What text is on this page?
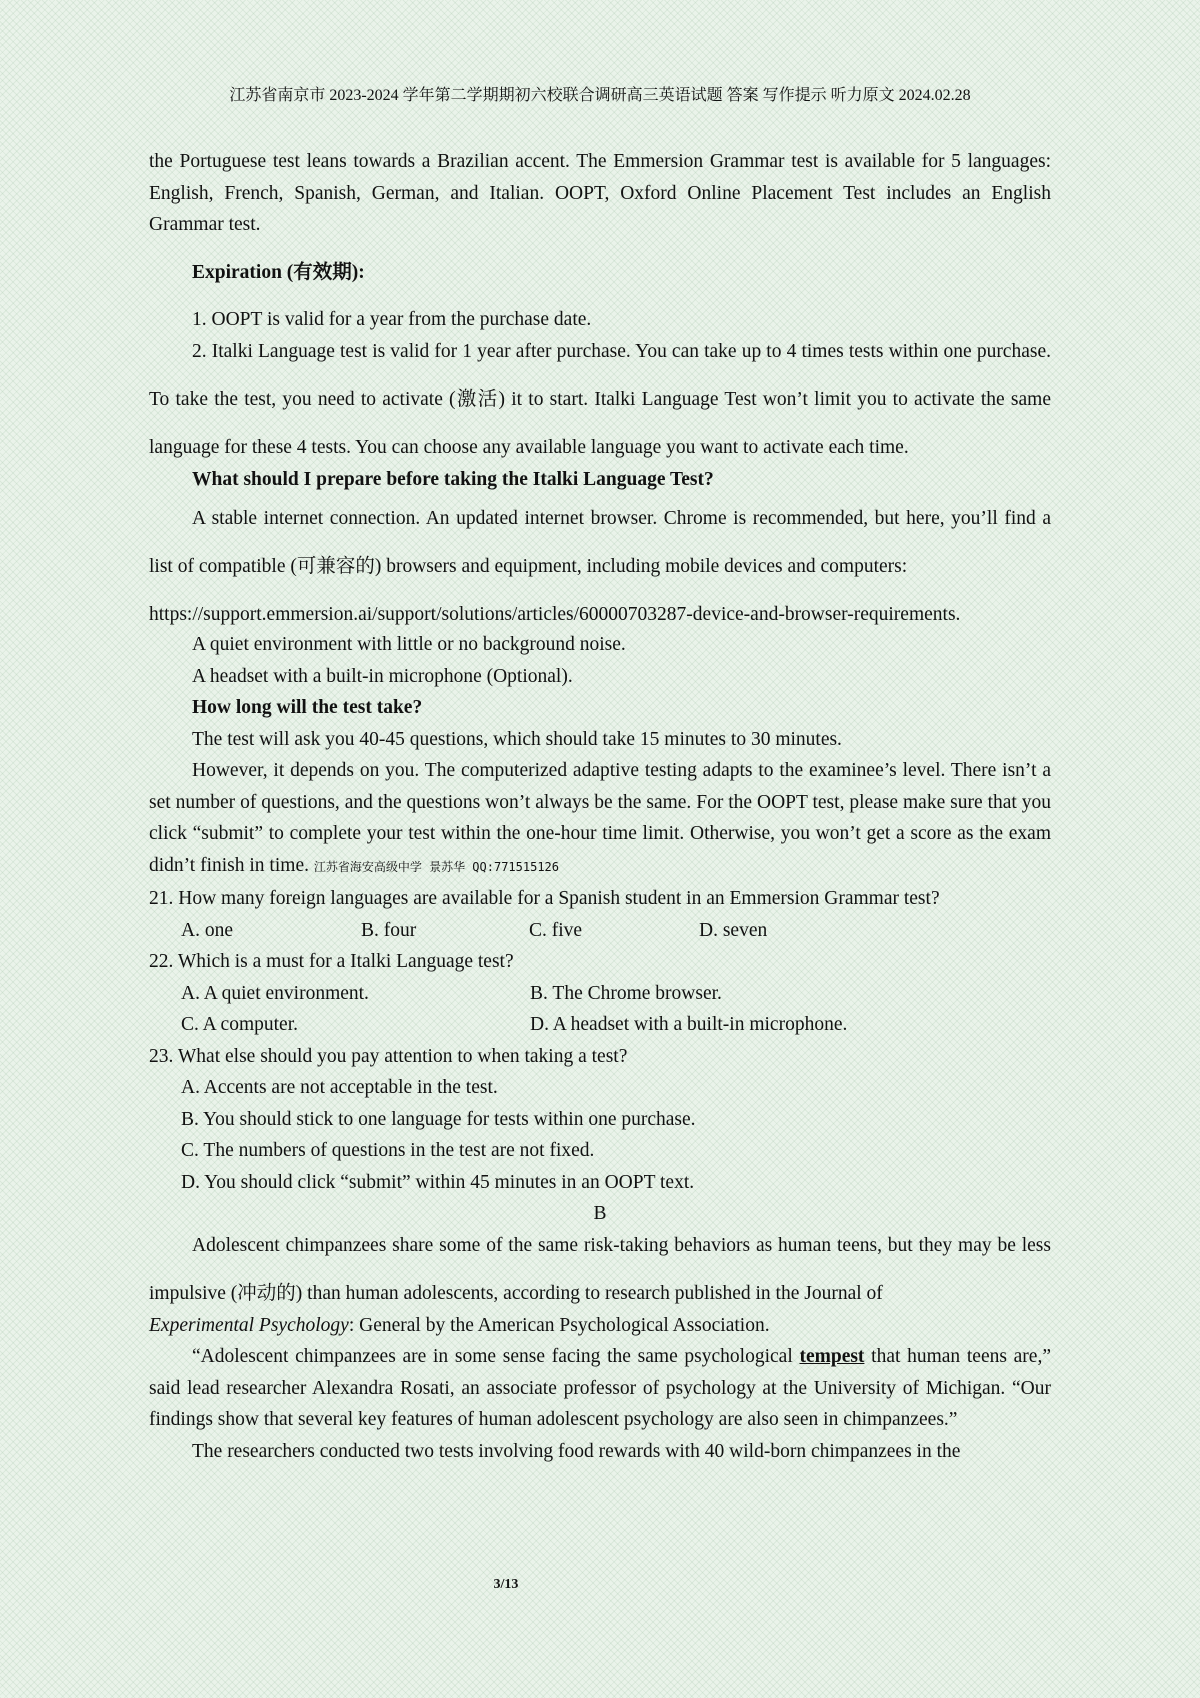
江苏省南京市 2023-2024 学年第二学期期初六校联合调研高三英语试题 答案 写作提示 听力原文 2024.02.28

the Portuguese test leans towards a Brazilian accent. The Emmersion Grammar test is available for 5 languages: English, French, Spanish, German, and Italian. OOPT, Oxford Online Placement Test includes an English Grammar test.

Expiration (有效期):

1. OOPT is valid for a year from the purchase date.

2. Italki Language test is valid for 1 year after purchase. You can take up to 4 times tests within one purchase. To take the test, you need to activate (激活) it to start. Italki Language Test won’t limit you to activate the same language for these 4 tests. You can choose any available language you want to activate each time.

What should I prepare before taking the Italki Language Test?

A stable internet connection. An updated internet browser. Chrome is recommended, but here, you’ll find a list of compatible (可兼容的) browsers and equipment, including mobile devices and computers:

https://support.emmersion.ai/support/solutions/articles/60000703287-device-and-browser-requirements.

A quiet environment with little or no background noise.

A headset with a built-in microphone (Optional).

How long will the test take?

The test will ask you 40-45 questions, which should take 15 minutes to 30 minutes.

However, it depends on you. The computerized adaptive testing adapts to the examinee’s level. There isn’t a set number of questions, and the questions won’t always be the same. For the OOPT test, please make sure that you click “submit” to complete your test within the one-hour time limit. Otherwise, you won’t get a score as the exam didn’t finish in time. 江苏省海安高级中学 景苏华 QQ:771515126

21. How many foreign languages are available for a Spanish student in an Emmersion Grammar test?

A. one	B. four	C. five	D. seven

22. Which is a must for a Italki Language test?

A. A quiet environment.	B. The Chrome browser.
C. A computer.	D. A headset with a built-in microphone.

23. What else should you pay attention to when taking a test?

A. Accents are not acceptable in the test.

B. You should stick to one language for tests within one purchase.

C. The numbers of questions in the test are not fixed.

D. You should click “submit” within 45 minutes in an OOPT text.

B

Adolescent chimpanzees share some of the same risk-taking behaviors as human teens, but they may be less impulsive (冲动的) than human adolescents, according to research published in the Journal of

Experimental Psychology: General by the American Psychological Association.

“Adolescent chimpanzees are in some sense facing the same psychological tempest that human teens are,” said lead researcher Alexandra Rosati, an associate professor of psychology at the University of Michigan. “Our findings show that several key features of human adolescent psychology are also seen in chimpanzees.”

The researchers conducted two tests involving food rewards with 40 wild-born chimpanzees in the

3/13
